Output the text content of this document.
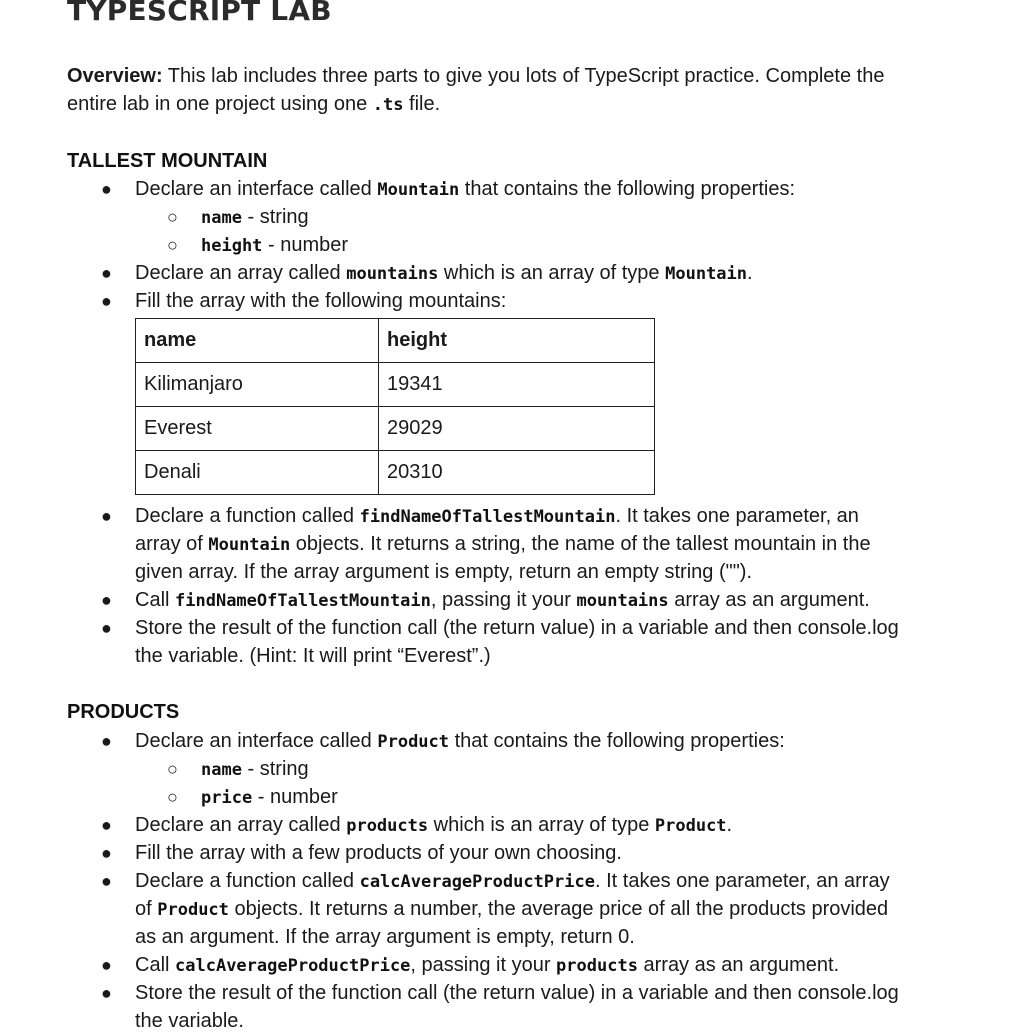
TYPESCRIPT LAB
Overview: This lab includes three parts to give you lots of TypeScript practice. Complete the
entire lab in one project using one .ts file.
TALLEST MOUNTAIN
● Declare an interface called Mountain that contains the following properties:
○ name - string
○ height - number
● Declare an array called mountains which is an array of type Mountain.
● Fill the array with the following mountains:
name	height
Kilimanjaro	19341
Everest	29029
Denali	20310
● Declare a function called findNameOfTallestMountain. It takes one parameter, an
array of Mountain objects. It returns a string, the name of the tallest mountain in the
given array. If the array argument is empty, return an empty string ("").
● Call findNameOfTallestMountain, passing it your mountains array as an argument.
● Store the result of the function call (the return value) in a variable and then console.log
the variable. (Hint: It will print “Everest”.)
PRODUCTS
● Declare an interface called Product that contains the following properties:
○ name - string
○ price - number
● Declare an array called products which is an array of type Product.
● Fill the array with a few products of your own choosing.
● Declare a function called calcAverageProductPrice. It takes one parameter, an array
of Product objects. It returns a number, the average price of all the products provided
as an argument. If the array argument is empty, return 0.
● Call calcAverageProductPrice, passing it your products array as an argument.
● Store the result of the function call (the return value) in a variable and then console.log
the variable.
